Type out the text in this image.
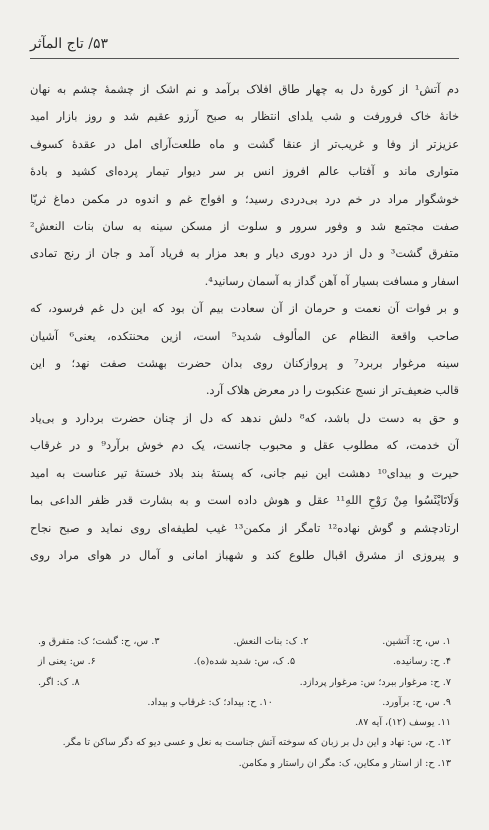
۵۳/ تاج المآثر
دم آتش¹ از کورهٔ دل به چهار طاق افلاک برآمد و نم اشک از چشمهٔ چشم به نهان
خانهٔ خاک فرورفت و شب یلدای انتظار به صبح آرزو عقیم شد و روز بازار امید
عزیزتر از وفا و غریب‌تر از عنقا گشت و ماه طلعت‌آرای امل در عقدهٔ کسوف
متواری ماند و آفتاب عالم افروز انس بر سر دیوار تیمار پرده‌ای کشید و بادهٔ
خوشگوار مراد در خم درد بی‌دردی رسید؛ و افواج غم و اندوه در مکمن دماغ ثریّا
صفت مجتمع شد و وفور سرور و سلوت از مسکن سینه به سان بنات النعش²
متفرق گشت³ و دل از درد دوری دیار و بعد مزار به فریاد آمد و جان از رنج تمادی
اسفار و مسافت بسیار آه آهن گداز به آسمان رسانید⁴.
و بر فوات آن نعمت و حرمان از آن سعادت بیم آن بود که این دل غم فرسود، که
صاحب واقعة النظام عن المألوف شدید⁵ است، ازین محنتکده، یعنی⁶ آشیان
سینه مرغوار بربرد⁷ و پروازکنان روی بدان حضرت بهشت صفت نهد؛ و این
قالب ضعیف‌تر از نسج عنکبوت را در معرض هلاک آرد.
و حق به دست دل باشد، که⁸ دلش ندهد که دل از چنان حضرت بردارد و بی‌یاد
آن خدمت، که مطلوب عقل و محبوب جانست، یک دم خوش برآرد⁹ و در غرقاب
حیرت و بیدای¹⁰ دهشت این نیم جانی، که پستهٔ بند بلاد خستهٔ تیر عناست به امید
وَلَاتَایْئَسُوا مِنْ رَوْحِ اللهِ¹¹ عقل و هوش داده است و به بشارت قدر ظفر الداعی بما
ارتادچشم و گوش نهاده¹² تامگر از مکمن¹³ غیب لطیفه‌ای روی نماید و صبح نجاح
و پیروزی از مشرق اقبال طلوع کند و شهباز امانی و آمال در هوای مراد روی
۱. س، ح: آتشین.
۲. ک: بنات النعش.
۳. س، ح: گشت؛ ک: متفرق و.
۴. ح: رسانیده.
۵. ک، س: شدید شده(ه).
۶. س: یعنی از
۷. ح: مرغوار ببرد؛ س: مرغوار پردازد.
۸. ک: اگر.
۹. س، ح: برآورد.
۱۰. ح: بیداد؛ ک: غرقاب و بیداد.
۱۱. یوسف (۱۲)، آیه ۸۷.
۱۲. ح، س: نهاد و این دل بر زبان که سوخته آتش جناست به نعل و عسی دیو که دگر ساکن تا مگر.
۱۳. ح: از استار و مکاین، ک: مگر ان راستار و مکامن.
